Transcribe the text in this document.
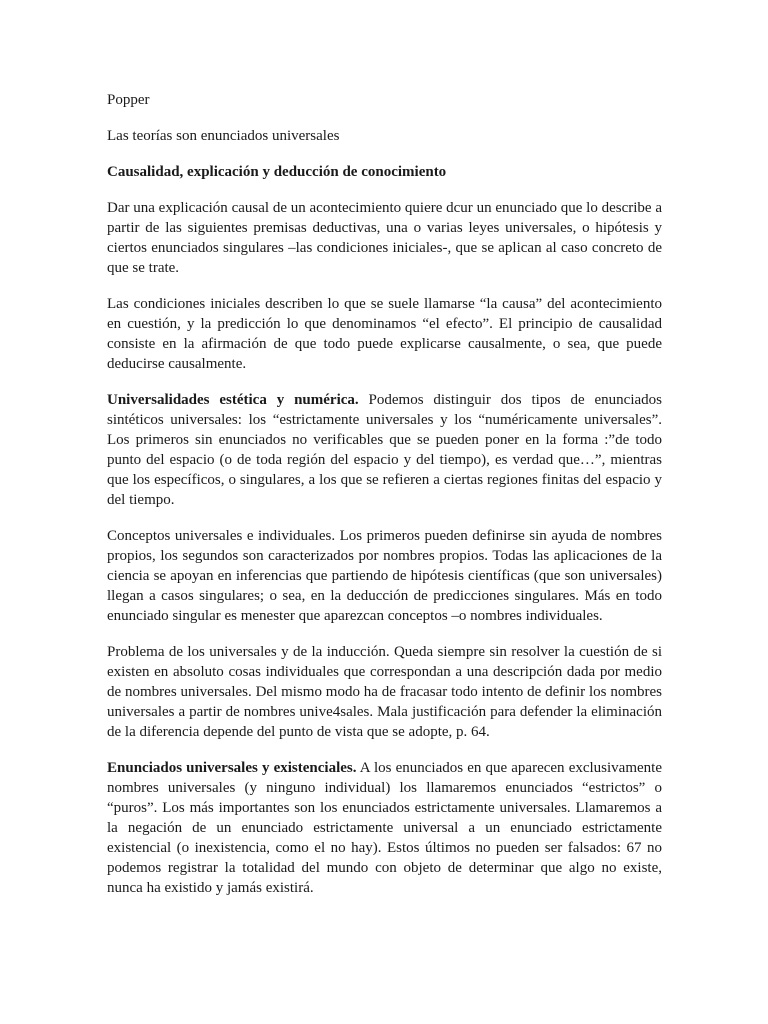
Popper

Las teorías son enunciados universales

Causalidad, explicación y deducción de conocimiento

Dar una explicación causal de un acontecimiento quiere dcur un enunciado que lo describe a partir de las siguientes premisas deductivas, una o varias leyes universales, o hipótesis y ciertos enunciados singulares –las condiciones iniciales-, que se aplican al caso concreto de que se trate.

Las condiciones iniciales describen lo que se suele llamarse “la causa” del acontecimiento en cuestión, y la predicción lo que denominamos “el efecto”. El principio de causalidad consiste en la afirmación de que todo puede explicarse causalmente, o sea, que puede deducirse causalmente.

Universalidades estética y numérica. Podemos distinguir dos tipos de enunciados sintéticos universales: los “estrictamente universales y los “numéricamente universales”. Los primeros sin enunciados no verificables que se pueden poner en la forma :”de todo punto del espacio (o de toda región del espacio y del tiempo), es verdad que…”, mientras que los específicos, o singulares, a los que se refieren a ciertas regiones finitas del espacio y del tiempo.

Conceptos universales e individuales. Los primeros pueden definirse sin ayuda de nombres propios, los segundos son caracterizados por nombres propios. Todas las aplicaciones de la ciencia se apoyan en inferencias que partiendo de hipótesis científicas (que son universales) llegan a casos singulares; o sea, en la deducción de predicciones singulares. Más en todo enunciado singular es menester que aparezcan conceptos –o nombres individuales.

Problema de los universales y de la inducción. Queda siempre sin resolver la cuestión de si existen en absoluto cosas individuales que correspondan a una descripción dada por medio de nombres universales. Del mismo modo ha de fracasar todo intento de definir los nombres universales a partir de nombres unive4sales. Mala justificación para defender la eliminación de la diferencia depende del punto de vista que se adopte, p. 64.

Enunciados universales y existenciales. A los enunciados en que aparecen exclusivamente nombres universales (y ninguno individual) los llamaremos enunciados “estrictos” o “puros”. Los más importantes son los enunciados estrictamente universales. Llamaremos a la negación de un enunciado estrictamente universal a un enunciado estrictamente existencial (o inexistencia, como el no hay). Estos últimos no pueden ser falsados: 67 no podemos registrar la totalidad del mundo con objeto de determinar que algo no existe, nunca ha existido y jamás existirá.
